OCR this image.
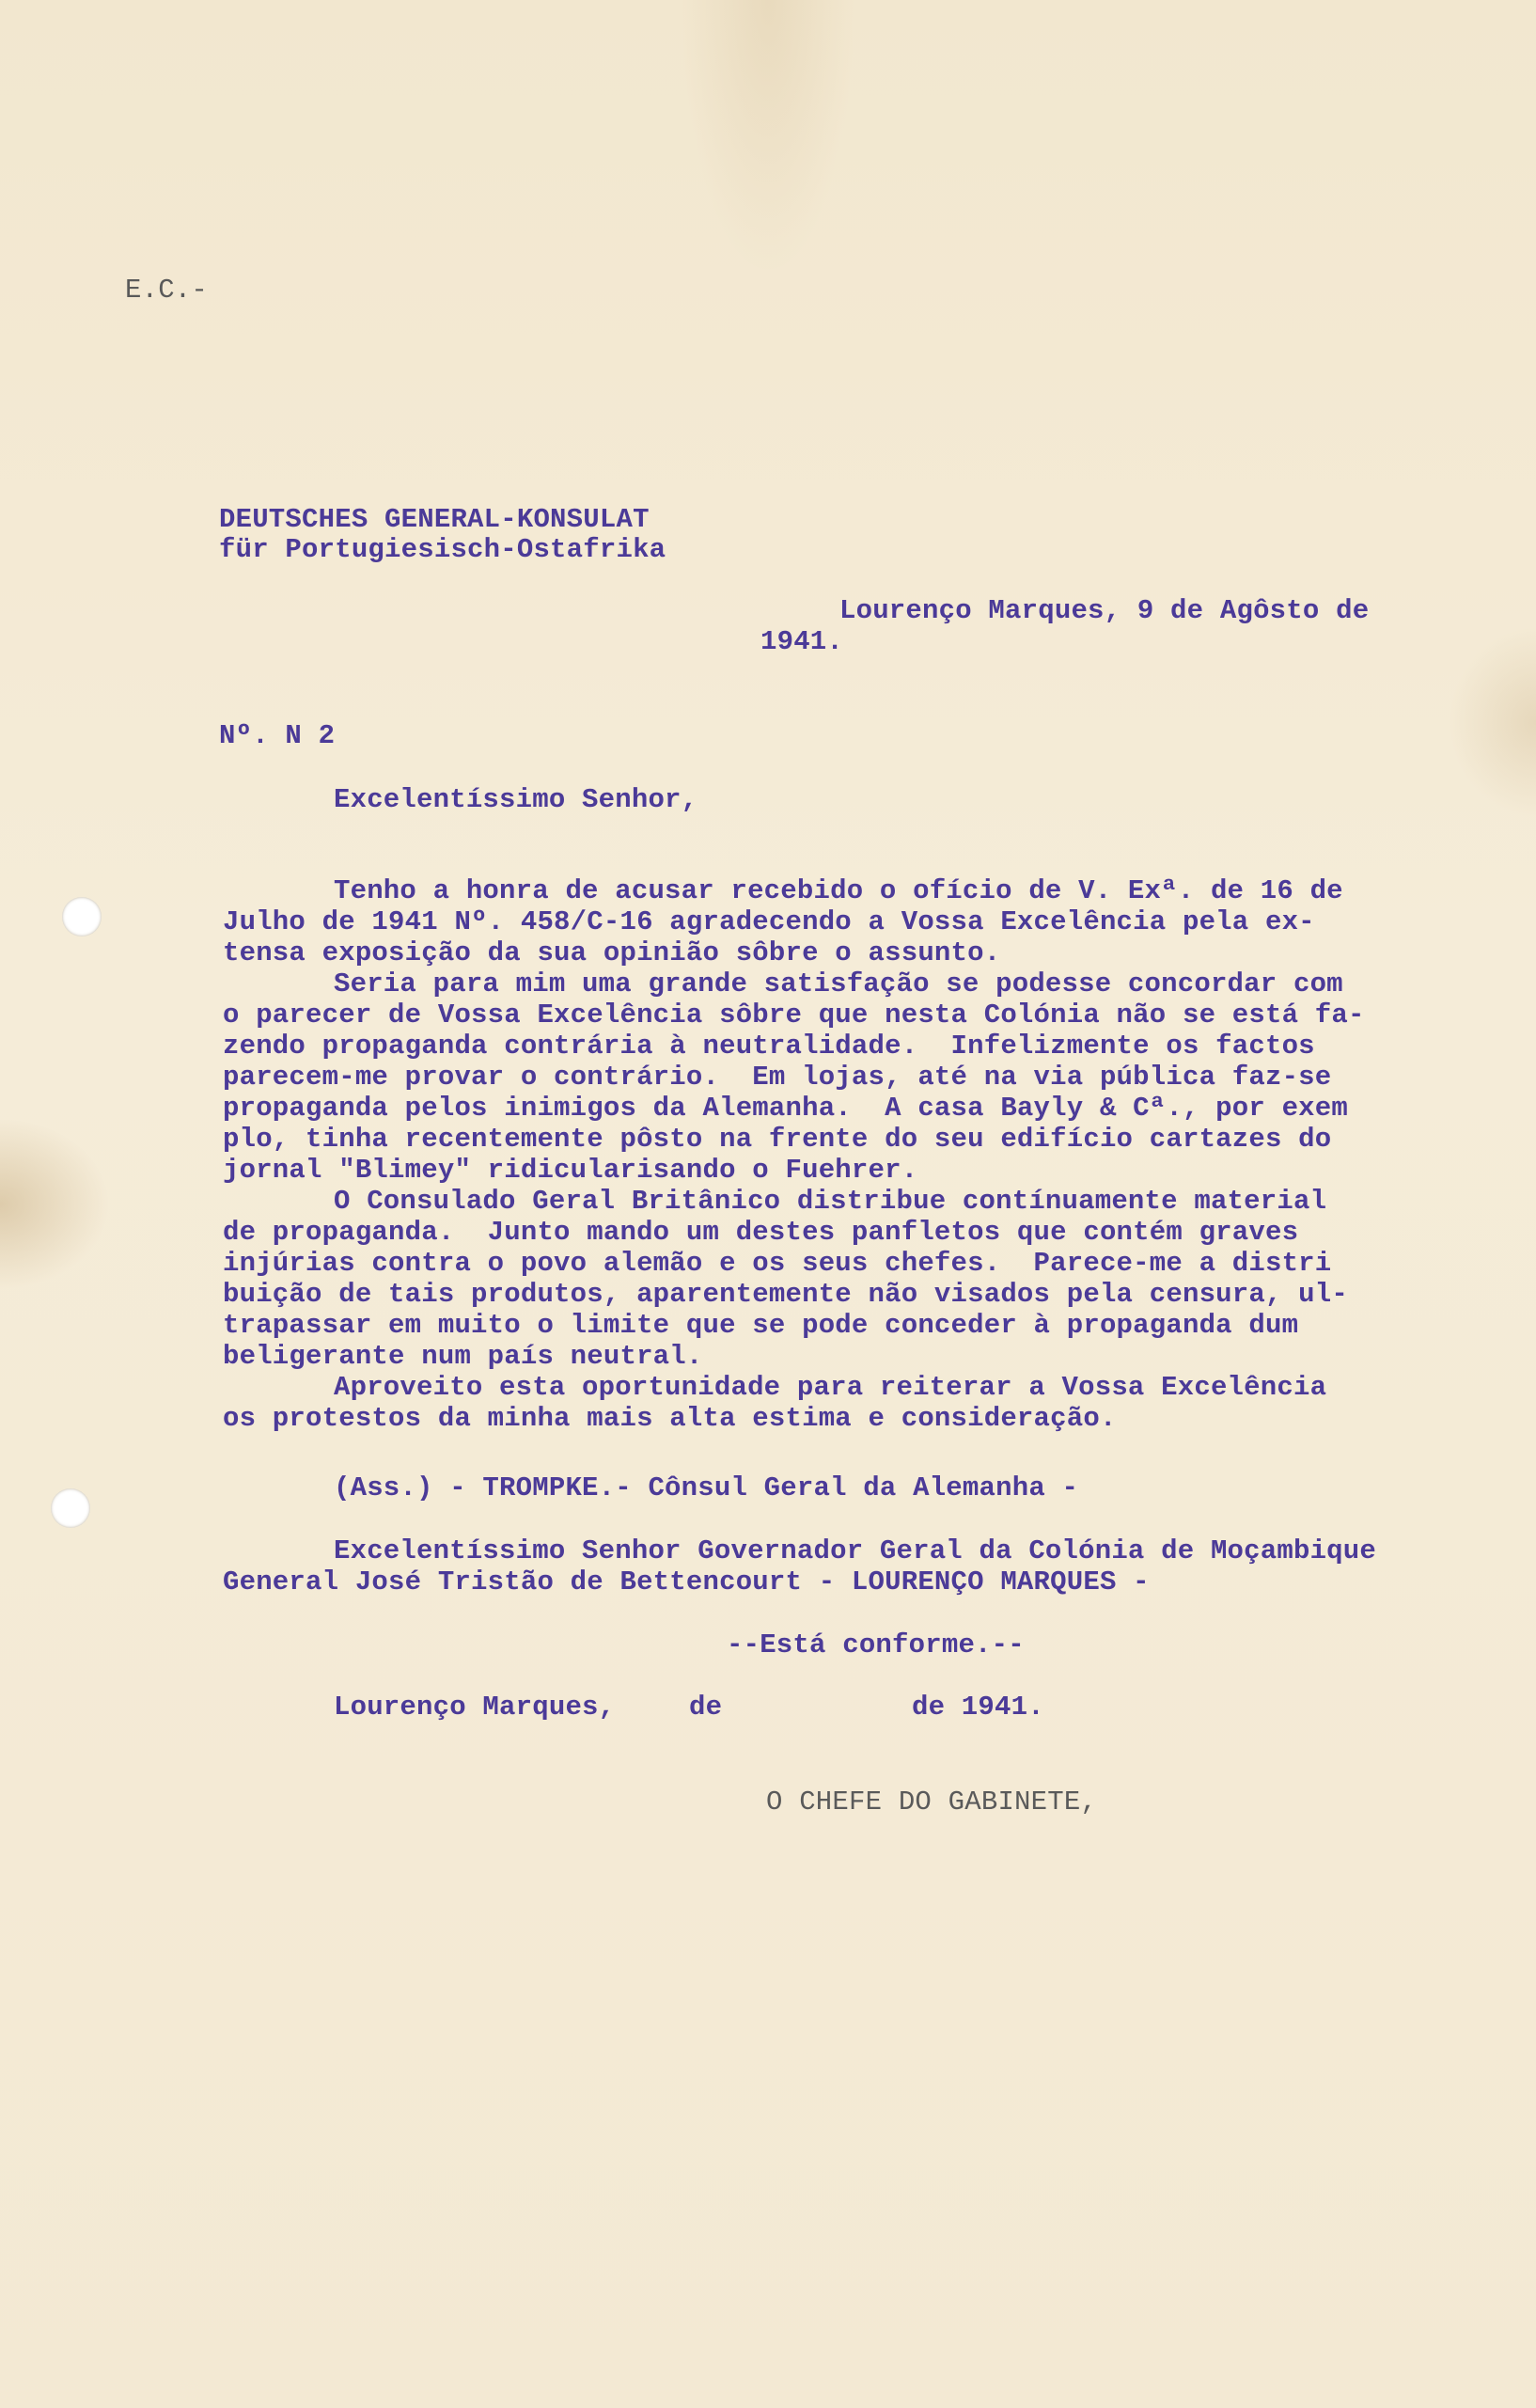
E.C.-
DEUTSCHES GENERAL-KONSULAT
für Portugiesisch-Ostafrika
Lourenço Marques, 9 de Agôsto de
1941.
Nº. N 2
Excelentíssimo Senhor,
Tenho a honra de acusar recebido o ofício de V. Exª. de 16 de
Julho de 1941 Nº. 458/C-16 agradecendo a Vossa Excelência pela ex-
tensa exposição da sua opinião sôbre o assunto.
Seria para mim uma grande satisfação se podesse concordar com
o parecer de Vossa Excelência sôbre que nesta Colónia não se está fa-
zendo propaganda contrária à neutralidade.  Infelizmente os factos
parecem-me provar o contrário.  Em lojas, até na via pública faz-se
propaganda pelos inimigos da Alemanha.  A casa Bayly & Cª., por exem
plo, tinha recentemente pôsto na frente do seu edifício cartazes do
jornal "Blimey" ridicularisando o Fuehrer.
O Consulado Geral Britânico distribue contínuamente material
de propaganda.  Junto mando um destes panfletos que contém graves
injúrias contra o povo alemão e os seus chefes.  Parece-me a distri
buição de tais produtos, aparentemente não visados pela censura, ul-
trapassar em muito o limite que se pode conceder à propaganda dum
beligerante num país neutral.
Aproveito esta oportunidade para reiterar a Vossa Excelência
os protestos da minha mais alta estima e consideração.
(Ass.) - TROMPKE.- Cônsul Geral da Alemanha -
Excelentíssimo Senhor Governador Geral da Colónia de Moçambique
General José Tristão de Bettencourt - LOURENÇO MARQUES -
--Está conforme.--
Lourenço Marques,	de	de 1941.
O CHEFE DO GABINETE,
